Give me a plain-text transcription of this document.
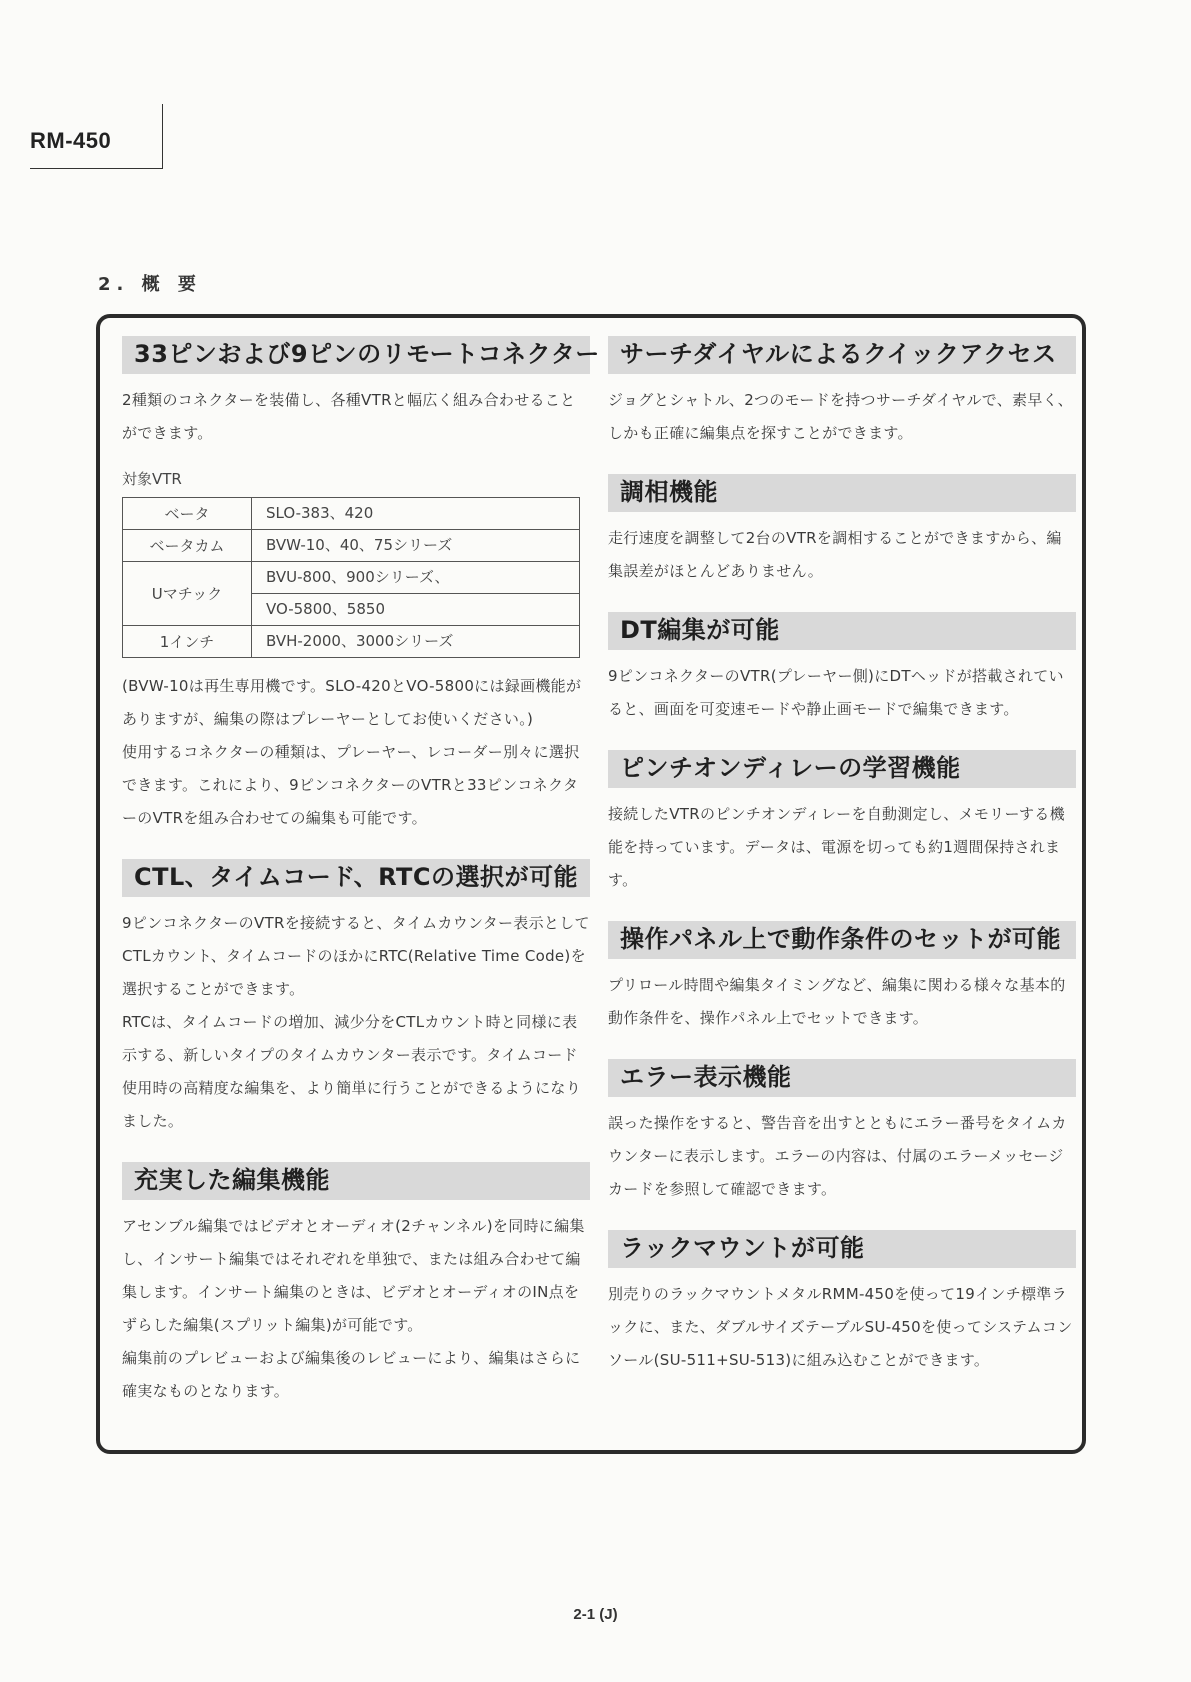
RM-450
2. 概 要
33ピンおよび9ピンのリモートコネクター

2種類のコネクターを装備し、各種VTRと幅広く組み合わせることができます。

対象VTR
ベータ	SLO-383、420
ベータカム	BVW-10、40、75シリーズ
Uマチック	BVU-800、900シリーズ、
	VO-5800、5850
1インチ	BVH-2000、3000シリーズ

(BVW-10は再生専用機です。SLO-420とVO-5800には録画機能がありますが、編集の際はプレーヤーとしてお使いください。)

使用するコネクターの種類は、プレーヤー、レコーダー別々に選択できます。これにより、9ピンコネクターのVTRと33ピンコネクターのVTRを組み合わせての編集も可能です。

CTL、タイムコード、RTCの選択が可能

9ピンコネクターのVTRを接続すると、タイムカウンター表示としてCTLカウント、タイムコードのほかにRTC(Relative Time Code)を選択することができます。

RTCは、タイムコードの増加、減少分をCTLカウント時と同様に表示する、新しいタイプのタイムカウンター表示です。タイムコード使用時の高精度な編集を、より簡単に行うことができるようになりました。

充実した編集機能

アセンブル編集ではビデオとオーディオ(2チャンネル)を同時に編集し、インサート編集ではそれぞれを単独で、または組み合わせて編集します。インサート編集のときは、ビデオとオーディオのIN点をずらした編集(スプリット編集)が可能です。

編集前のプレビューおよび編集後のレビューにより、編集はさらに確実なものとなります。

サーチダイヤルによるクイックアクセス

ジョグとシャトル、2つのモードを持つサーチダイヤルで、素早く、しかも正確に編集点を探すことができます。

調相機能

走行速度を調整して2台のVTRを調相することができますから、編集誤差がほとんどありません。

DT編集が可能

9ピンコネクターのVTR(プレーヤー側)にDTヘッドが搭載されていると、画面を可変速モードや静止画モードで編集できます。

ピンチオンディレーの学習機能

接続したVTRのピンチオンディレーを自動測定し、メモリーする機能を持っています。データは、電源を切っても約1週間保持されます。

操作パネル上で動作条件のセットが可能

プリロール時間や編集タイミングなど、編集に関わる様々な基本的動作条件を、操作パネル上でセットできます。

エラー表示機能

誤った操作をすると、警告音を出すとともにエラー番号をタイムカウンターに表示します。エラーの内容は、付属のエラーメッセージカードを参照して確認できます。

ラックマウントが可能

別売りのラックマウントメタルRMM-450を使って19インチ標準ラックに、また、ダブルサイズテーブルSU-450を使ってシステムコンソール(SU-511+SU-513)に組み込むことができます。

2-1 (J)
